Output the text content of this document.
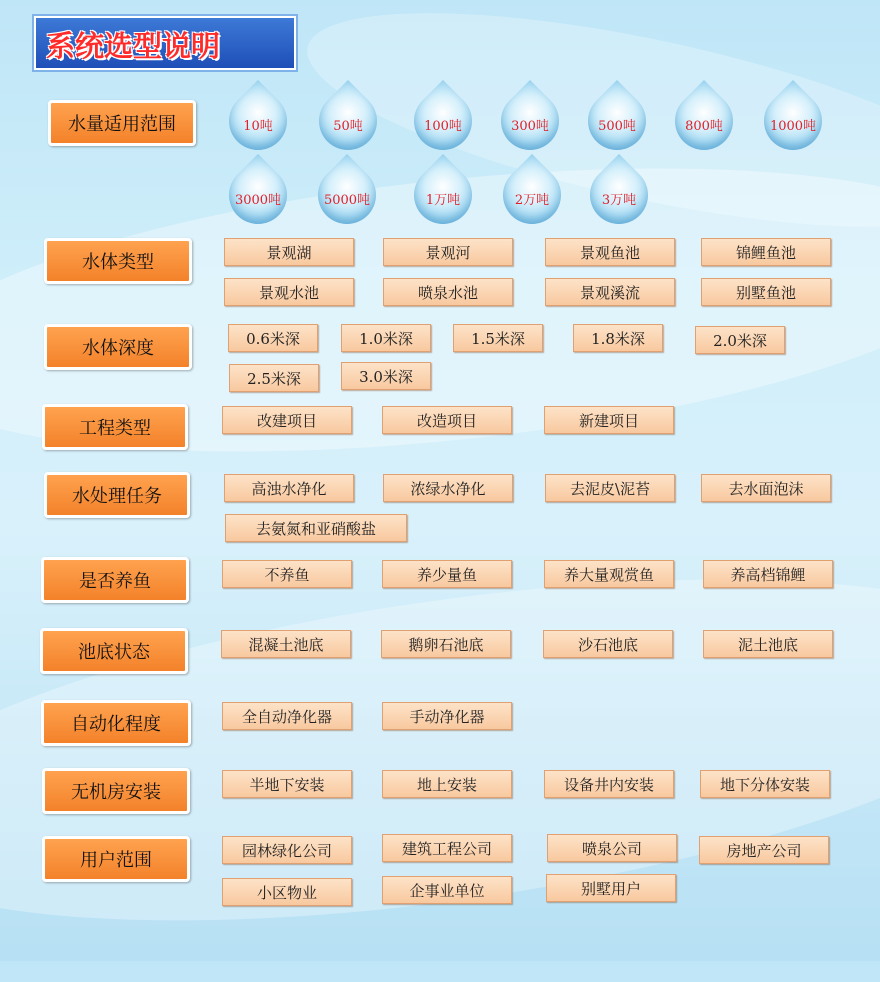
系统选型说明
水量适用范围	10吨	50吨	100吨	300吨	500吨	800吨	1000吨
3000吨	5000吨	1万吨	2万吨	3万吨
水体类型	景观湖	景观河	景观鱼池	锦鲤鱼池
景观水池	喷泉水池	景观溪流	别墅鱼池
水体深度	0.6米深	1.0米深	1.5米深	1.8米深	2.0米深
2.5米深	3.0米深
工程类型	改建项目	改造项目	新建项目
水处理任务	高浊水净化	浓绿水净化	去泥皮\泥苔	去水面泡沫
去氨氮和亚硝酸盐
是否养鱼	不养鱼	养少量鱼	养大量观赏鱼	养高档锦鲤
池底状态	混凝土池底	鹅卵石池底	沙石池底	泥土池底
自动化程度	全自动净化器	手动净化器
无机房安装	半地下安装	地上安装	设备井内安装	地下分体安装
用户范围	园林绿化公司	建筑工程公司	喷泉公司	房地产公司
小区物业	企事业单位	别墅用户
